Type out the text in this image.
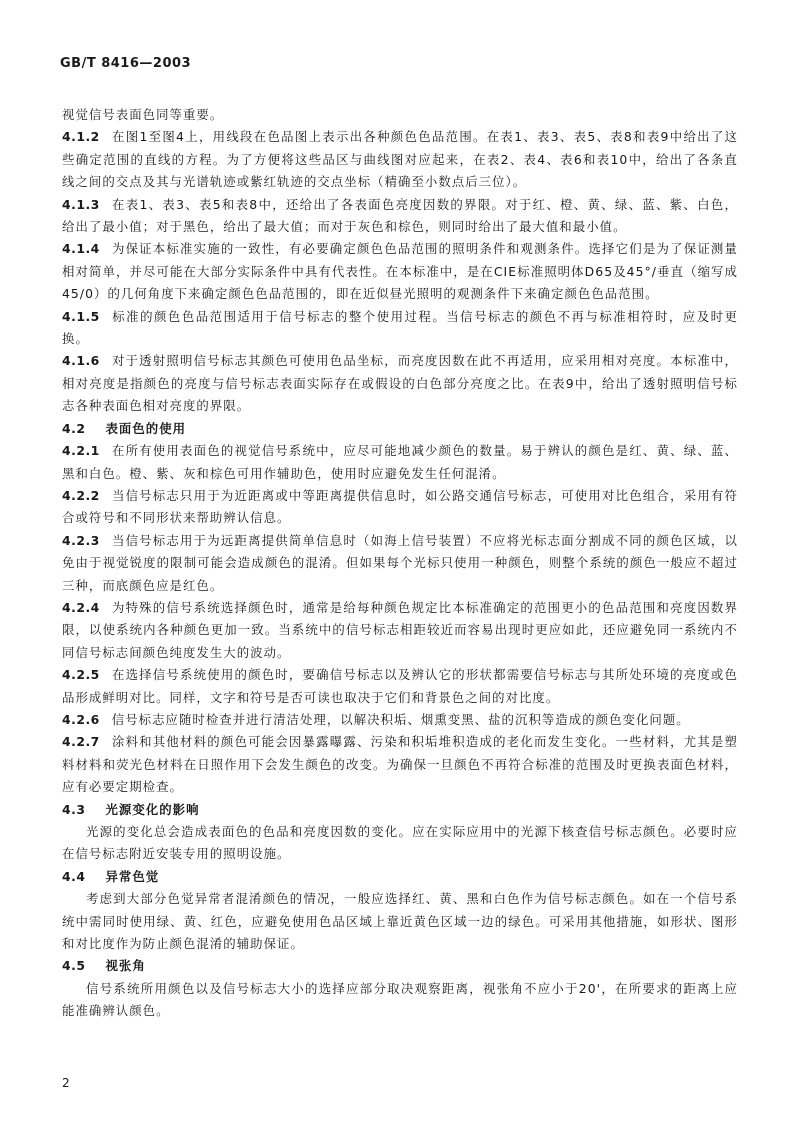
GB/T 8416—2003

视觉信号表面色同等重要。

4.1.2 在图1至图4上，用线段在色品图上表示出各种颜色色品范围。在表1、表3、表5、表8和表9中给出了这些确定范围的直线的方程。为了方便将这些品区与曲线图对应起来，在表2、表4、表6和表10中，给出了各条直线之间的交点及其与光谱轨迹或紫红轨迹的交点坐标（精确至小数点后三位）。

4.1.3 在表1、表3、表5和表8中，还给出了各表面色亮度因数的界限。对于红、橙、黄、绿、蓝、紫、白色，给出了最小值；对于黑色，给出了最大值；而对于灰色和棕色，则同时给出了最大值和最小值。

4.1.4 为保证本标准实施的一致性，有必要确定颜色色品范围的照明条件和观测条件。选择它们是为了保证测量相对简单，并尽可能在大部分实际条件中具有代表性。在本标准中，是在CIE标准照明体D65及45°/垂直（缩写成45/0）的几何角度下来确定颜色色品范围的，即在近似昼光照明的观测条件下来确定颜色色品范围。

4.1.5 标准的颜色色品范围适用于信号标志的整个使用过程。当信号标志的颜色不再与标准相符时，应及时更换。

4.1.6 对于透射照明信号标志其颜色可使用色品坐标，而亮度因数在此不再适用，应采用相对亮度。本标准中，相对亮度是指颜色的亮度与信号标志表面实际存在或假设的白色部分亮度之比。在表9中，给出了透射照明信号标志各种表面色相对亮度的界限。

4.2 表面色的使用

4.2.1 在所有使用表面色的视觉信号系统中，应尽可能地减少颜色的数量。易于辨认的颜色是红、黄、绿、蓝、黑和白色。橙、紫、灰和棕色可用作辅助色，使用时应避免发生任何混淆。

4.2.2 当信号标志只用于为近距离或中等距离提供信息时，如公路交通信号标志，可使用对比色组合，采用有符合或符号和不同形状来帮助辨认信息。

4.2.3 当信号标志用于为远距离提供简单信息时（如海上信号装置）不应将光标志面分割成不同的颜色区域，以免由于视觉锐度的限制可能会造成颜色的混淆。但如果每个光标只使用一种颜色，则整个系统的颜色一般应不超过三种，而底颜色应是红色。

4.2.4 为特殊的信号系统选择颜色时，通常是给每种颜色规定比本标准确定的范围更小的色品范围和亮度因数界限，以使系统内各种颜色更加一致。当系统中的信号标志相距较近而容易出现时更应如此，还应避免同一系统内不同信号标志间颜色纯度发生大的波动。

4.2.5 在选择信号系统使用的颜色时，要确信号标志以及辨认它的形状都需要信号标志与其所处环境的亮度或色品形成鲜明对比。同样，文字和符号是否可读也取决于它们和背景色之间的对比度。

4.2.6 信号标志应随时检查并进行清洁处理，以解决积垢、烟熏变黑、盐的沉积等造成的颜色变化问题。

4.2.7 涂料和其他材料的颜色可能会因暴露曝露、污染和积垢堆积造成的老化而发生变化。一些材料，尤其是塑料材料和荧光色材料在日照作用下会发生颜色的改变。为确保一旦颜色不再符合标准的范围及时更换表面色材料，应有必要定期检查。

4.3 光源变化的影响

光源的变化总会造成表面色的色品和亮度因数的变化。应在实际应用中的光源下核查信号标志颜色。必要时应在信号标志附近安装专用的照明设施。

4.4 异常色觉

考虑到大部分色觉异常者混淆颜色的情况，一般应选择红、黄、黑和白色作为信号标志颜色。如在一个信号系统中需同时使用绿、黄、红色，应避免使用色品区域上靠近黄色区域一边的绿色。可采用其他措施，如形状、图形和对比度作为防止颜色混淆的辅助保证。

4.5 视张角

信号系统所用颜色以及信号标志大小的选择应部分取决观察距离，视张角不应小于20'，在所要求的距离上应能准确辨认颜色。

2
